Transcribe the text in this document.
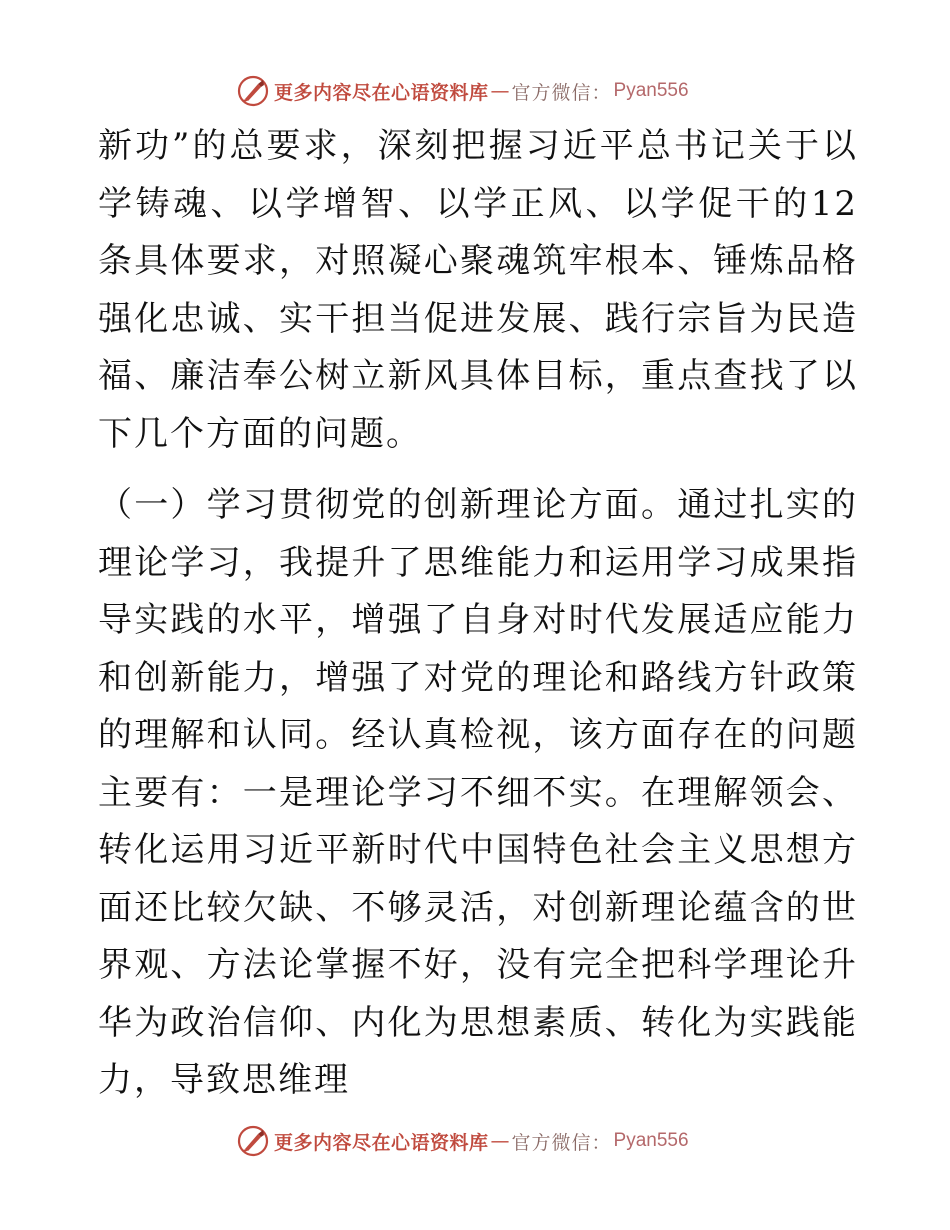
更多内容尽在心语资料库 — 官方微信： Pyan556

新功”的总要求，深刻把握习近平总书记关于以学铸魂、以学增智、以学正风、以学促干的12条具体要求，对照凝心聚魂筑牢根本、锤炼品格强化忠诚、实干担当促进发展、践行宗旨为民造福、廉洁奉公树立新风具体目标，重点查找了以下几个方面的问题。

（一）学习贯彻党的创新理论方面。通过扎实的理论学习，我提升了思维能力和运用学习成果指导实践的水平，增强了自身对时代发展适应能力和创新能力，增强了对党的理论和路线方针政策的理解和认同。经认真检视，该方面存在的问题主要有：一是理论学习不细不实。在理解领会、转化运用习近平新时代中国特色社会主义思想方面还比较欠缺、不够灵活，对创新理论蕴含的世界观、方法论掌握不好，没有完全把科学理论升华为政治信仰、内化为思想素质、转化为实践能力，导致思维理

更多内容尽在心语资料库 — 官方微信： Pyan556
